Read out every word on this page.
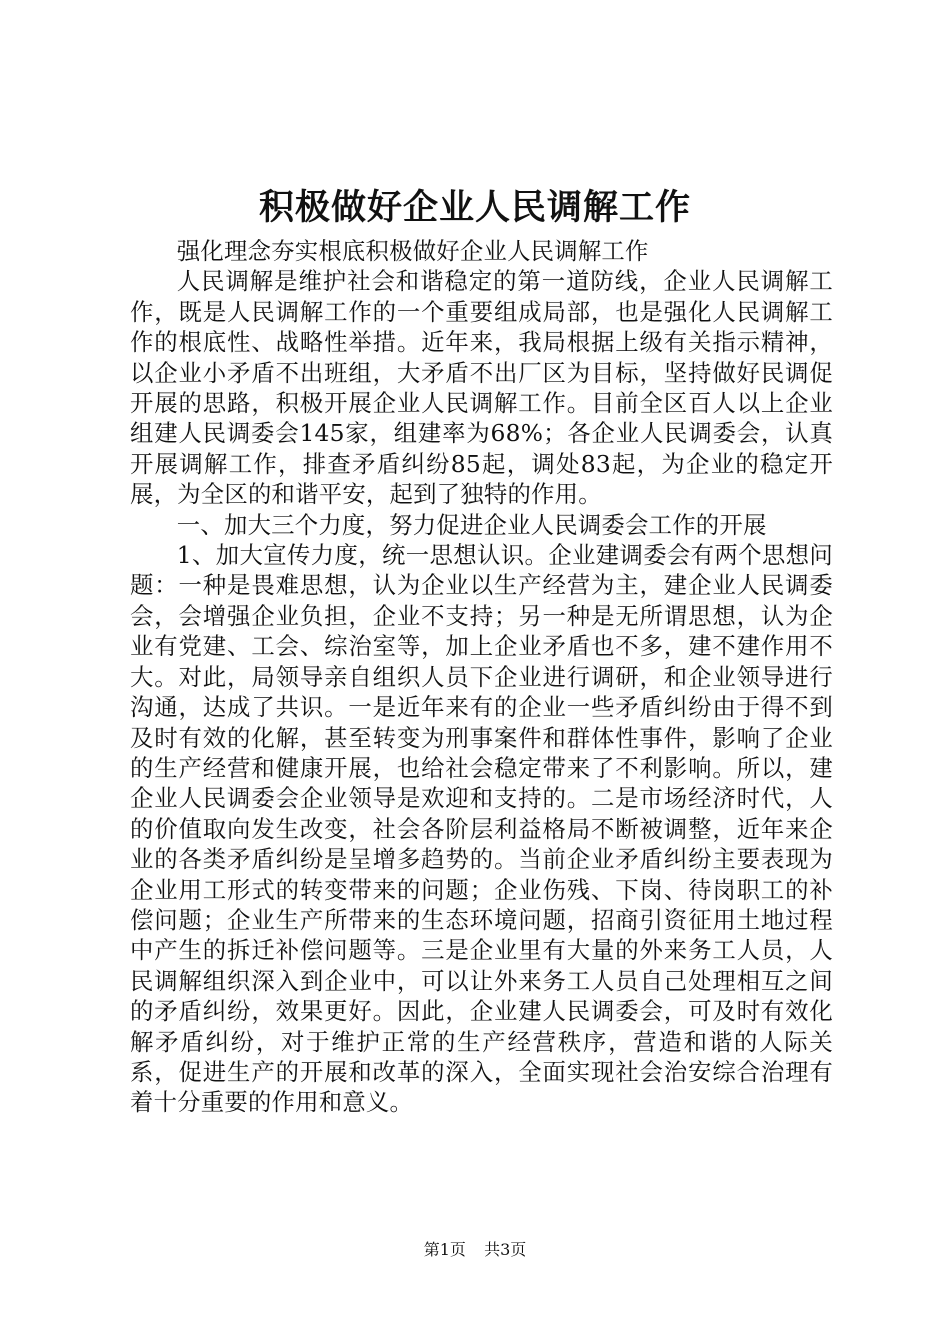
积极做好企业人民调解工作

强化理念夯实根底积极做好企业人民调解工作

人民调解是维护社会和谐稳定的第一道防线，企业人民调解工作，既是人民调解工作的一个重要组成局部，也是强化人民调解工作的根底性、战略性举措。近年来，我局根据上级有关指示精神，以企业小矛盾不出班组，大矛盾不出厂区为目标，坚持做好民调促开展的思路，积极开展企业人民调解工作。目前全区百人以上企业组建人民调委会145家，组建率为68%；各企业人民调委会，认真开展调解工作，排查矛盾纠纷85起，调处83起，为企业的稳定开展，为全区的和谐平安，起到了独特的作用。

一、加大三个力度，努力促进企业人民调委会工作的开展

1、加大宣传力度，统一思想认识。企业建调委会有两个思想问题：一种是畏难思想，认为企业以生产经营为主，建企业人民调委会，会增强企业负担，企业不支持；另一种是无所谓思想，认为企业有党建、工会、综治室等，加上企业矛盾也不多，建不建作用不大。对此，局领导亲自组织人员下企业进行调研，和企业领导进行沟通，达成了共识。一是近年来有的企业一些矛盾纠纷由于得不到及时有效的化解，甚至转变为刑事案件和群体性事件，影响了企业的生产经营和健康开展，也给社会稳定带来了不利影响。所以，建企业人民调委会企业领导是欢迎和支持的。二是市场经济时代，人的价值取向发生改变，社会各阶层利益格局不断被调整，近年来企业的各类矛盾纠纷是呈增多趋势的。当前企业矛盾纠纷主要表现为企业用工形式的转变带来的问题；企业伤残、下岗、待岗职工的补偿问题；企业生产所带来的生态环境问题，招商引资征用土地过程中产生的拆迁补偿问题等。三是企业里有大量的外来务工人员，人民调解组织深入到企业中，可以让外来务工人员自己处理相互之间的矛盾纠纷，效果更好。因此，企业建人民调委会，可及时有效化解矛盾纠纷，对于维护正常的生产经营秩序，营造和谐的人际关系，促进生产的开展和改革的深入，全面实现社会治安综合治理有着十分重要的作用和意义。

第1页 共3页
